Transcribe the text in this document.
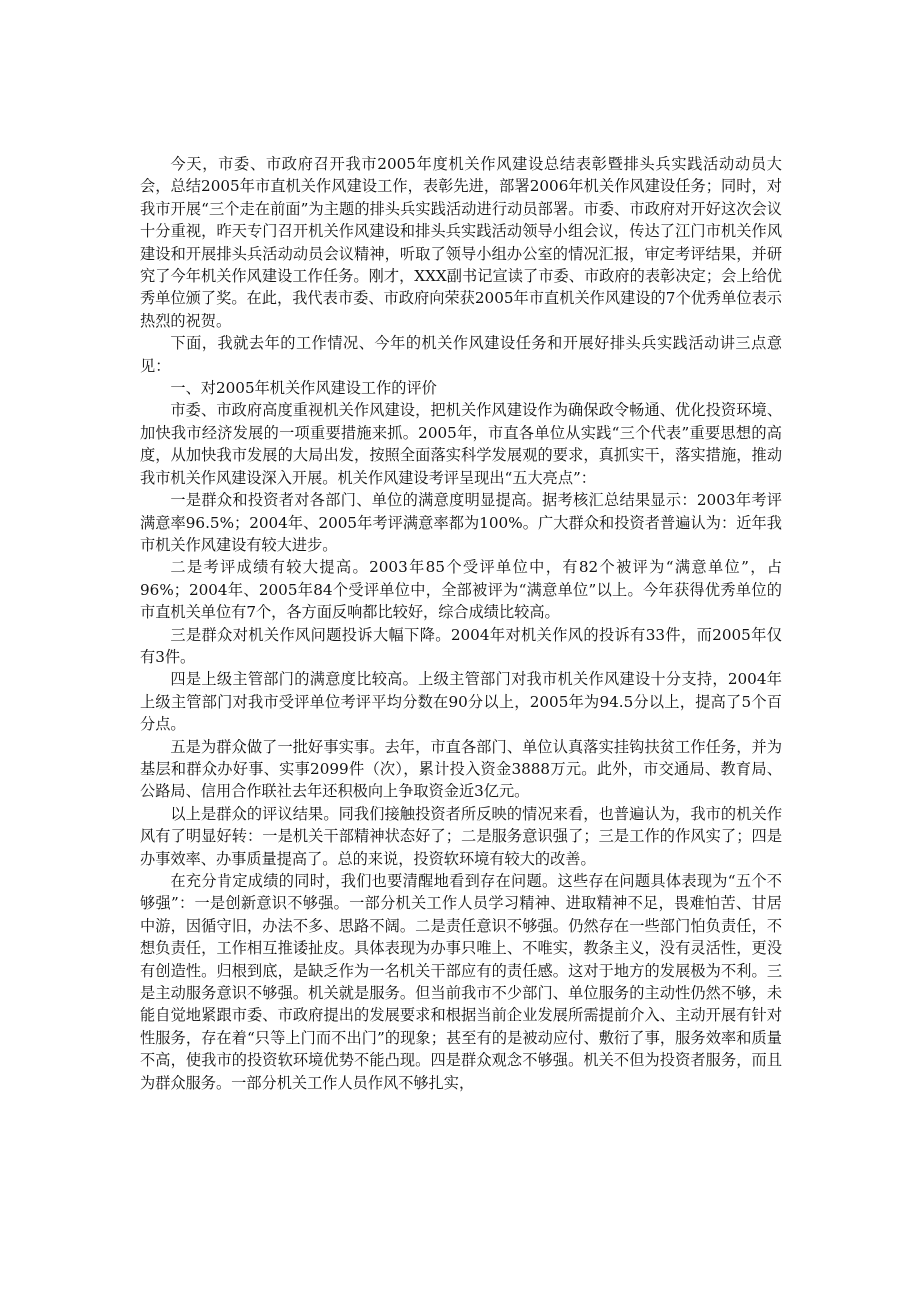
今天，市委、市政府召开我市2005年度机关作风建设总结表彰暨排头兵实践活动动员大会，总结2005年市直机关作风建设工作，表彰先进，部署2006年机关作风建设任务；同时，对我市开展“三个走在前面”为主题的排头兵实践活动进行动员部署。市委、市政府对开好这次会议十分重视，昨天专门召开机关作风建设和排头兵实践活动领导小组会议，传达了江门市机关作风建设和开展排头兵活动动员会议精神，听取了领导小组办公室的情况汇报，审定考评结果，并研究了今年机关作风建设工作任务。刚才，XXX副书记宣读了市委、市政府的表彰决定；会上给优秀单位颁了奖。在此，我代表市委、市政府向荣获2005年市直机关作风建设的7个优秀单位表示热烈的祝贺。

下面，我就去年的工作情况、今年的机关作风建设任务和开展好排头兵实践活动讲三点意见：

一、对2005年机关作风建设工作的评价

市委、市政府高度重视机关作风建设，把机关作风建设作为确保政令畅通、优化投资环境、加快我市经济发展的一项重要措施来抓。2005年，市直各单位从实践“三个代表”重要思想的高度，从加快我市发展的大局出发，按照全面落实科学发展观的要求，真抓实干，落实措施，推动我市机关作风建设深入开展。机关作风建设考评呈现出“五大亮点”：

一是群众和投资者对各部门、单位的满意度明显提高。据考核汇总结果显示：2003年考评满意率96.5%；2004年、2005年考评满意率都为100%。广大群众和投资者普遍认为：近年我市机关作风建设有较大进步。

二是考评成绩有较大提高。2003年85个受评单位中，有82个被评为“满意单位”，占96%；2004年、2005年84个受评单位中，全部被评为“满意单位”以上。今年获得优秀单位的市直机关单位有7个，各方面反响都比较好，综合成绩比较高。

三是群众对机关作风问题投诉大幅下降。2004年对机关作风的投诉有33件，而2005年仅有3件。

四是上级主管部门的满意度比较高。上级主管部门对我市机关作风建设十分支持，2004年上级主管部门对我市受评单位考评平均分数在90分以上，2005年为94.5分以上，提高了5个百分点。

五是为群众做了一批好事实事。去年，市直各部门、单位认真落实挂钩扶贫工作任务，并为基层和群众办好事、实事2099件（次），累计投入资金3888万元。此外，市交通局、教育局、公路局、信用合作联社去年还积极向上争取资金近3亿元。

以上是群众的评议结果。同我们接触投资者所反映的情况来看，也普遍认为，我市的机关作风有了明显好转：一是机关干部精神状态好了；二是服务意识强了；三是工作的作风实了；四是办事效率、办事质量提高了。总的来说，投资软环境有较大的改善。

在充分肯定成绩的同时，我们也要清醒地看到存在问题。这些存在问题具体表现为“五个不够强”：一是创新意识不够强。一部分机关工作人员学习精神、进取精神不足，畏难怕苦、甘居中游，因循守旧，办法不多、思路不阔。二是责任意识不够强。仍然存在一些部门怕负责任，不想负责任，工作相互推诿扯皮。具体表现为办事只唯上、不唯实，教条主义，没有灵活性，更没有创造性。归根到底，是缺乏作为一名机关干部应有的责任感。这对于地方的发展极为不利。三是主动服务意识不够强。机关就是服务。但当前我市不少部门、单位服务的主动性仍然不够，未能自觉地紧跟市委、市政府提出的发展要求和根据当前企业发展所需提前介入、主动开展有针对性服务，存在着“只等上门而不出门”的现象；甚至有的是被动应付、敷衍了事，服务效率和质量不高，使我市的投资软环境优势不能凸现。四是群众观念不够强。机关不但为投资者服务，而且为群众服务。一部分机关工作人员作风不够扎实，
